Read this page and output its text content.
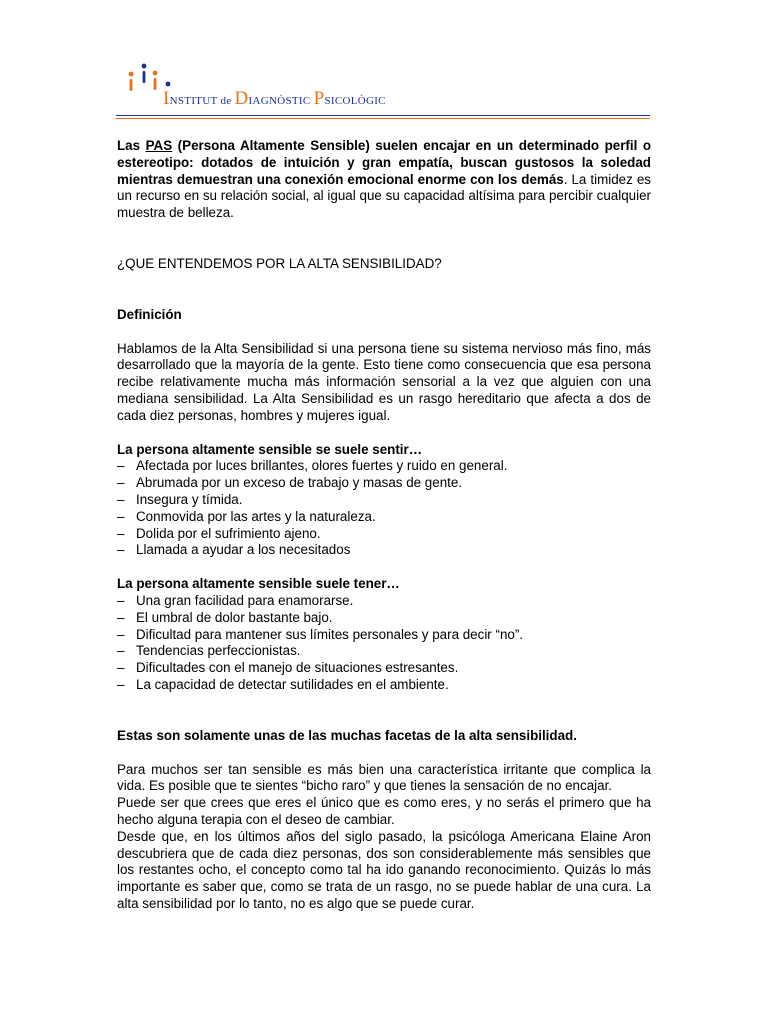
INSTITUT de DIAGNÒSTIC PSICOLÒGIC

Las PAS (Persona Altamente Sensible) suelen encajar en un determinado perfil o estereotipo: dotados de intuición y gran empatía, buscan gustosos la soledad mientras demuestran una conexión emocional enorme con los demás. La timidez es un recurso en su relación social, al igual que su capacidad altísima para percibir cualquier muestra de belleza.

¿QUE ENTENDEMOS POR LA ALTA SENSIBILIDAD?

Definición

Hablamos de la Alta Sensibilidad si una persona tiene su sistema nervioso más fino, más desarrollado que la mayoría de la gente. Esto tiene como consecuencia que esa persona recibe relativamente mucha más información sensorial a la vez que alguien con una mediana sensibilidad. La Alta Sensibilidad es un rasgo hereditario que afecta a dos de cada diez personas, hombres y mujeres igual.

La persona altamente sensible se suele sentir…

– Afectada por luces brillantes, olores fuertes y ruido en general.
– Abrumada por un exceso de trabajo y masas de gente.
– Insegura y tímida.
– Conmovida por las artes y la naturaleza.
– Dolida por el sufrimiento ajeno.
– Llamada a ayudar a los necesitados

La persona altamente sensible suele tener…

– Una gran facilidad para enamorarse.
– El umbral de dolor bastante bajo.
– Dificultad para mantener sus límites personales y para decir “no”.
– Tendencias perfeccionistas.
– Dificultades con el manejo de situaciones estresantes.
– La capacidad de detectar sutilidades en el ambiente.

Estas son solamente unas de las muchas facetas de la alta sensibilidad.

Para muchos ser tan sensible es más bien una característica irritante que complica la vida. Es posible que te sientes “bicho raro” y que tienes la sensación de no encajar.

Puede ser que crees que eres el único que es como eres, y no serás el primero que ha hecho alguna terapia con el deseo de cambiar.

Desde que, en los últimos años del siglo pasado, la psicóloga Americana Elaine Aron descubriera que de cada diez personas, dos son considerablemente más sensibles que los restantes ocho, el concepto como tal ha ido ganando reconocimiento. Quizás lo más importante es saber que, como se trata de un rasgo, no se puede hablar de una cura. La alta sensibilidad por lo tanto, no es algo que se puede curar.
